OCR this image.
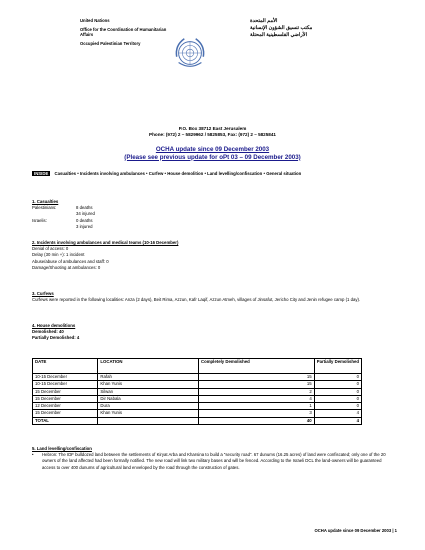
United Nations
Office for the Coordination of Humanitarian Affairs
Occupied Palestinian Territory
الأمم المتحدة
مكتب تنسيق الشؤون الإنسانية
الأراضي الفلسطينية المحتلة
P.O. Box 38712 East Jerusalem
Phone: (972) 2 – 5829962 / 5825853, Fax: (972) 2 – 5825841
OCHA update since 09 December 2003
(Please see previous update for oPt 03 – 09 December 2003)
INSIDE Casualties • Incidents involving ambulances • Curfew • House demolition • Land levelling/confiscation • General situation
1. Casualties
Palestinians:	8 deaths
34 injured
Israelis:	0 deaths
3 injured
2. Incidents involving ambulances and medical teams (10-16 December)
Denial of access: 0
Delay (30 min +): 1 incident
Abuse/abuse of ambulances and staff: 0
Damage/Shooting at ambulances: 0
3. Curfews
Curfews were reported in the following localities: Anza (2 days), Beit Rima, Azzun, Kafr Laqif, Azzun Atmeh, villages of Jinsafut, Jericho City and Jenin refugee camp (1 day).
4. House demolitions
Demolished: 40
Partially Demolished: 4
DATE	LOCATION	Completely Demolished	Partially Demolished
10-15 December	Rafah	15	0
10-15 December	Khan Yunis	15	0
15 December	Silwan	2	0
15 December	Dir Nabala	4	0
12 December	Dura	1	0
15 December	Khan Yunis	3	4
TOTAL		40	4
5. Land levelling/confiscation
•	Hebron: The IDF bulldozed land between the settlements of Kiryat Arba and Kharsina to build a “security road”. 67 dunums (16.25 acres) of land were confiscated; only one of the 20 owners of the land affected had been formally notified. The new road will link two military bases and will be fenced. According to the Israeli DCL the land-owners will be guaranteed access to over 400 dunums of agricultural land enveloped by the road through the construction of gates.
OCHA update since 09 December 2003 | 1
